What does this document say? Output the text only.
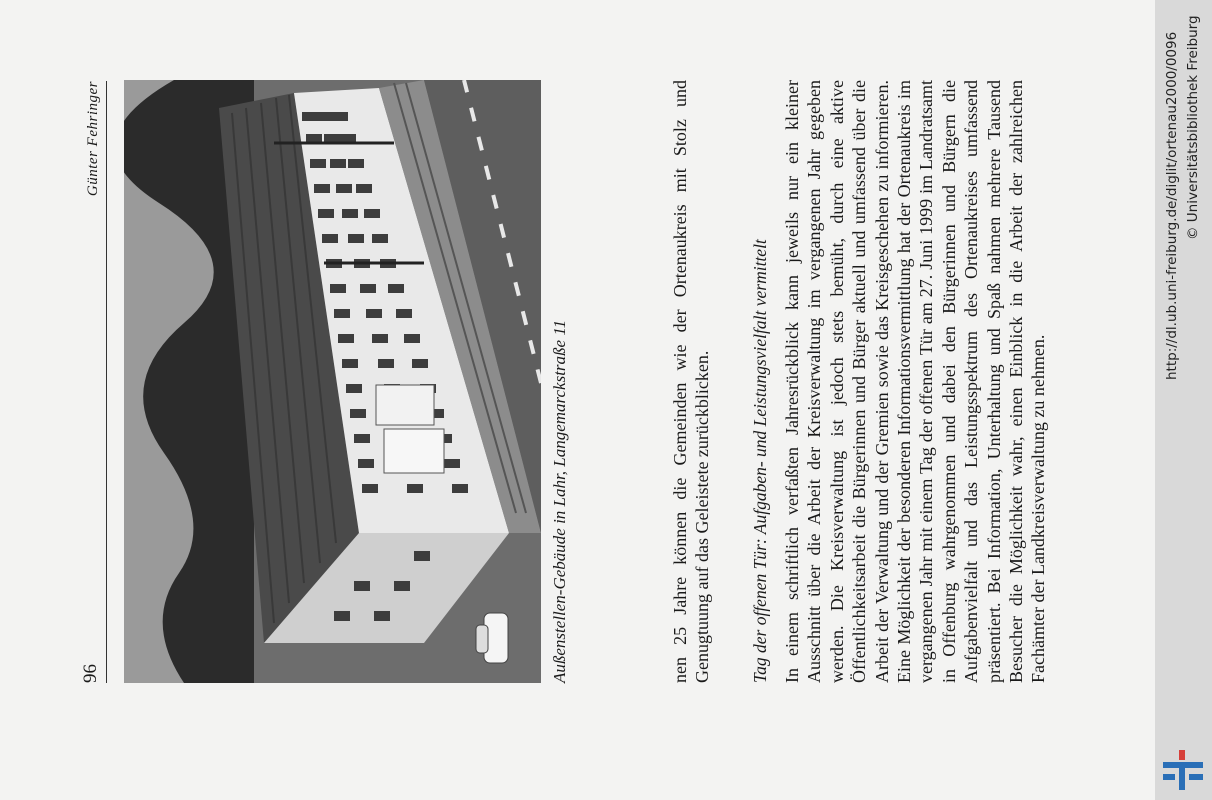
96
Günter Fehringer
Außenstellen-Gebäude in Lahr, Langemarckstraße 11	nen 25 Jahre können die Gemeinden wie der Ortenaukreis mit Stolz und Genugtuung auf das Geleistete zurückblicken. Tag der offenen Tür: Aufgaben- und Leistungsvielfalt vermittelt In einem schriftlich verfaßten Jahresrückblick kann jeweils nur ein kleiner Ausschnitt über die Arbeit der Kreisverwaltung im vergangenen Jahr gegeben werden. Die Kreisverwaltung ist jedoch stets bemüht, durch eine aktive Öffentlichkeitsarbeit die Bürgerinnen und Bürger aktuell und umfassend über die Arbeit der Verwaltung und der Gremien sowie das Kreisgeschehen zu informieren. Eine Möglichkeit der besonderen Informationsvermittlung hat der Ortenaukreis im vergangenen Jahr mit einem Tag der offenen Tür am 27. Juni 1999 im Landratsamt in Offenburg wahrgenommen und dabei den Bürgerinnen und Bürgern die Aufgabenvielfalt und das Leistungsspektrum des Ortenaukreises umfassend präsentiert. Bei Information, Unterhaltung und Spaß nahmen mehrere Tausend Besucher die Möglichkeit wahr, einen Einblick in die Arbeit der zahlreichen Fachämter der Landkreisverwaltung zu nehmen.
http://dl.ub.uni-freiburg.de/diglit/ortenau2000/0096 © Universitätsbibliothek Freiburg
